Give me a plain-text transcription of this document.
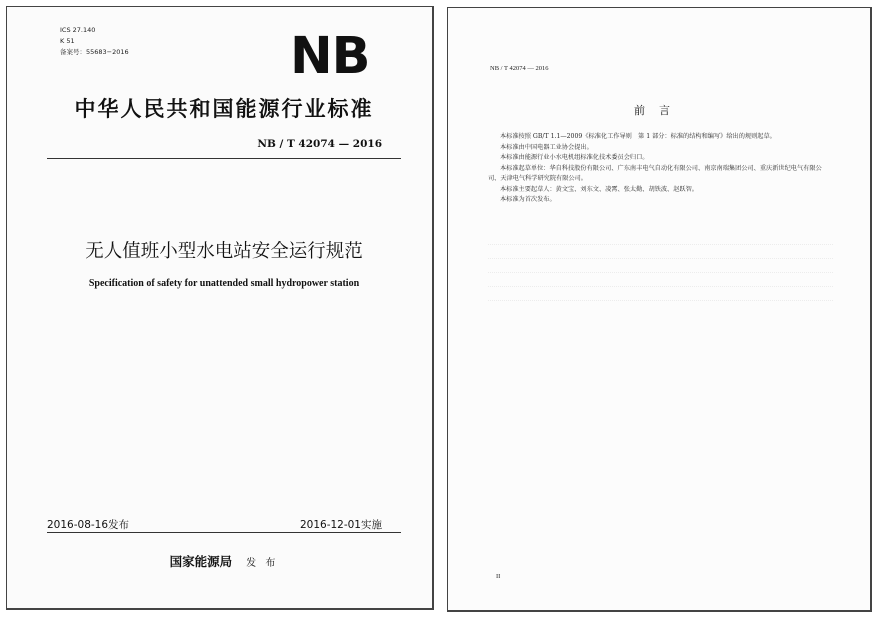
ICS 27.140
K 51
备案号：55683−2016	NB
中华人民共和国能源行业标准
NB / T 42074 — 2016
无人值班小型水电站安全运行规范
Specification of safety for unattended small hydropower station
2016-08-16发布	2016-12-01实施
国家能源局 发 布
NB / T 42074 — 2016
前言

本标准按照 GB/T 1.1—2009《标准化工作导则　第 1 部分：标准的结构和编写》给出的规则起草。

本标准由中国电器工业协会提出。

本标准由能源行业小水电机组标准化技术委员会归口。

本标准起草单位：华自科技股份有限公司、广东南丰电气自动化有限公司、南京南瑞集团公司、重庆新世纪电气有限公司、天津电气科学研究院有限公司。

本标准主要起草人：黄文宝、刘东文、凌霄、张太勤、胡铁波、赵跃智。

本标准为首次发布。

II
